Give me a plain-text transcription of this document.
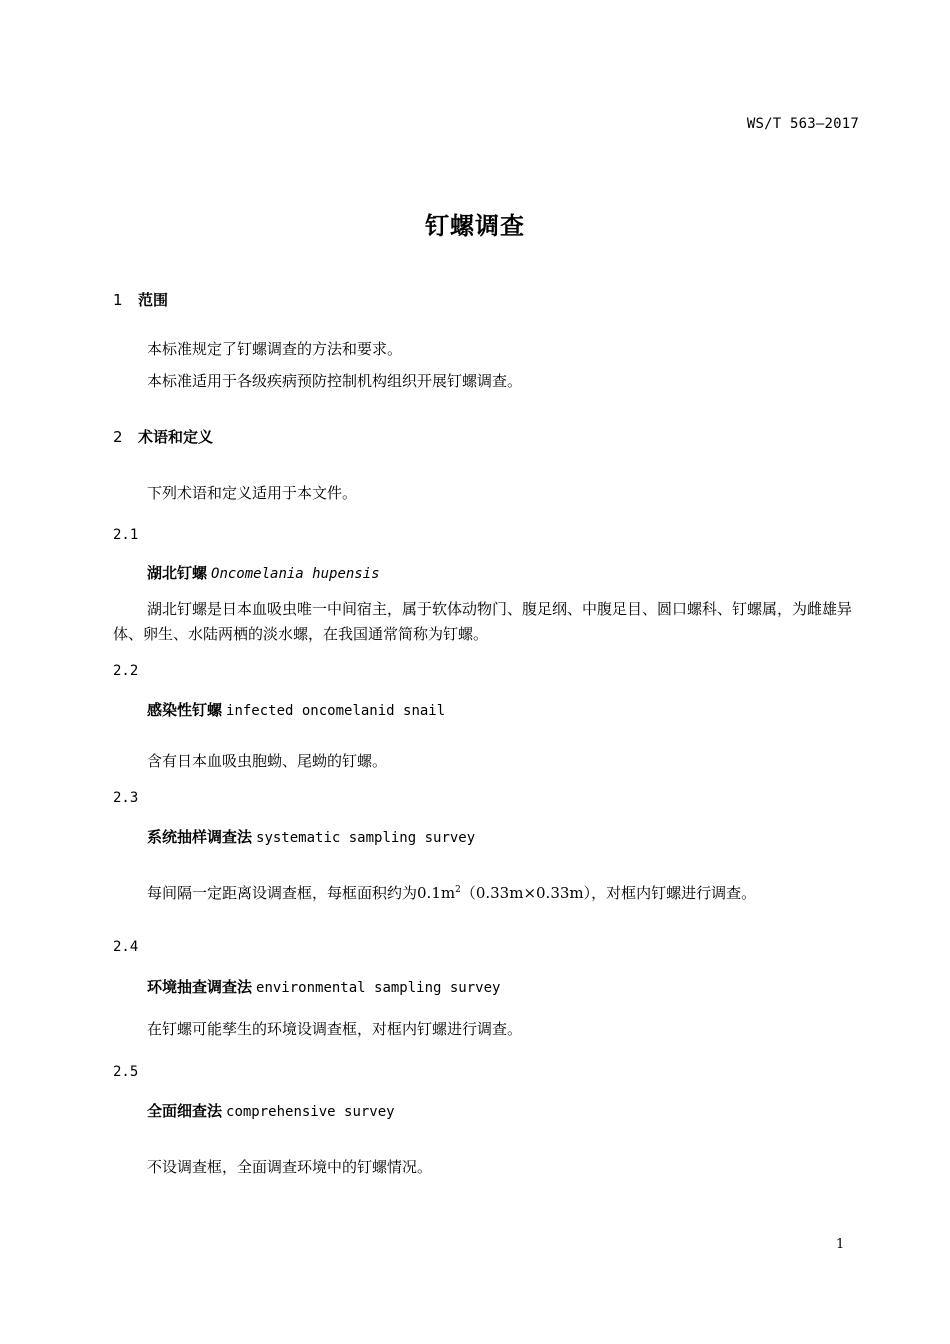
WS/T 563—2017
钉螺调查
1 范围
本标准规定了钉螺调查的方法和要求。
本标准适用于各级疾病预防控制机构组织开展钉螺调查。
2 术语和定义
下列术语和定义适用于本文件。
2.1
湖北钉螺 Oncomelania hupensis
湖北钉螺是日本血吸虫唯一中间宿主，属于软体动物门、腹足纲、中腹足目、圆口螺科、钉螺属，为雌雄异体、卵生、水陆两栖的淡水螺，在我国通常简称为钉螺。
2.2
感染性钉螺 infected oncomelanid snail
含有日本血吸虫胞蚴、尾蚴的钉螺。
2.3
系统抽样调查法 systematic sampling survey
每间隔一定距离设调查框，每框面积约为$0.1m^2(0.33m\times 0.33m)$，对框内钉螺进行调查。
2.4
环境抽查调查法 environmental sampling survey
在钉螺可能孳生的环境设调查框，对框内钉螺进行调查。
2.5
全面细查法 comprehensive survey
不设调查框，全面调查环境中的钉螺情况。
1
